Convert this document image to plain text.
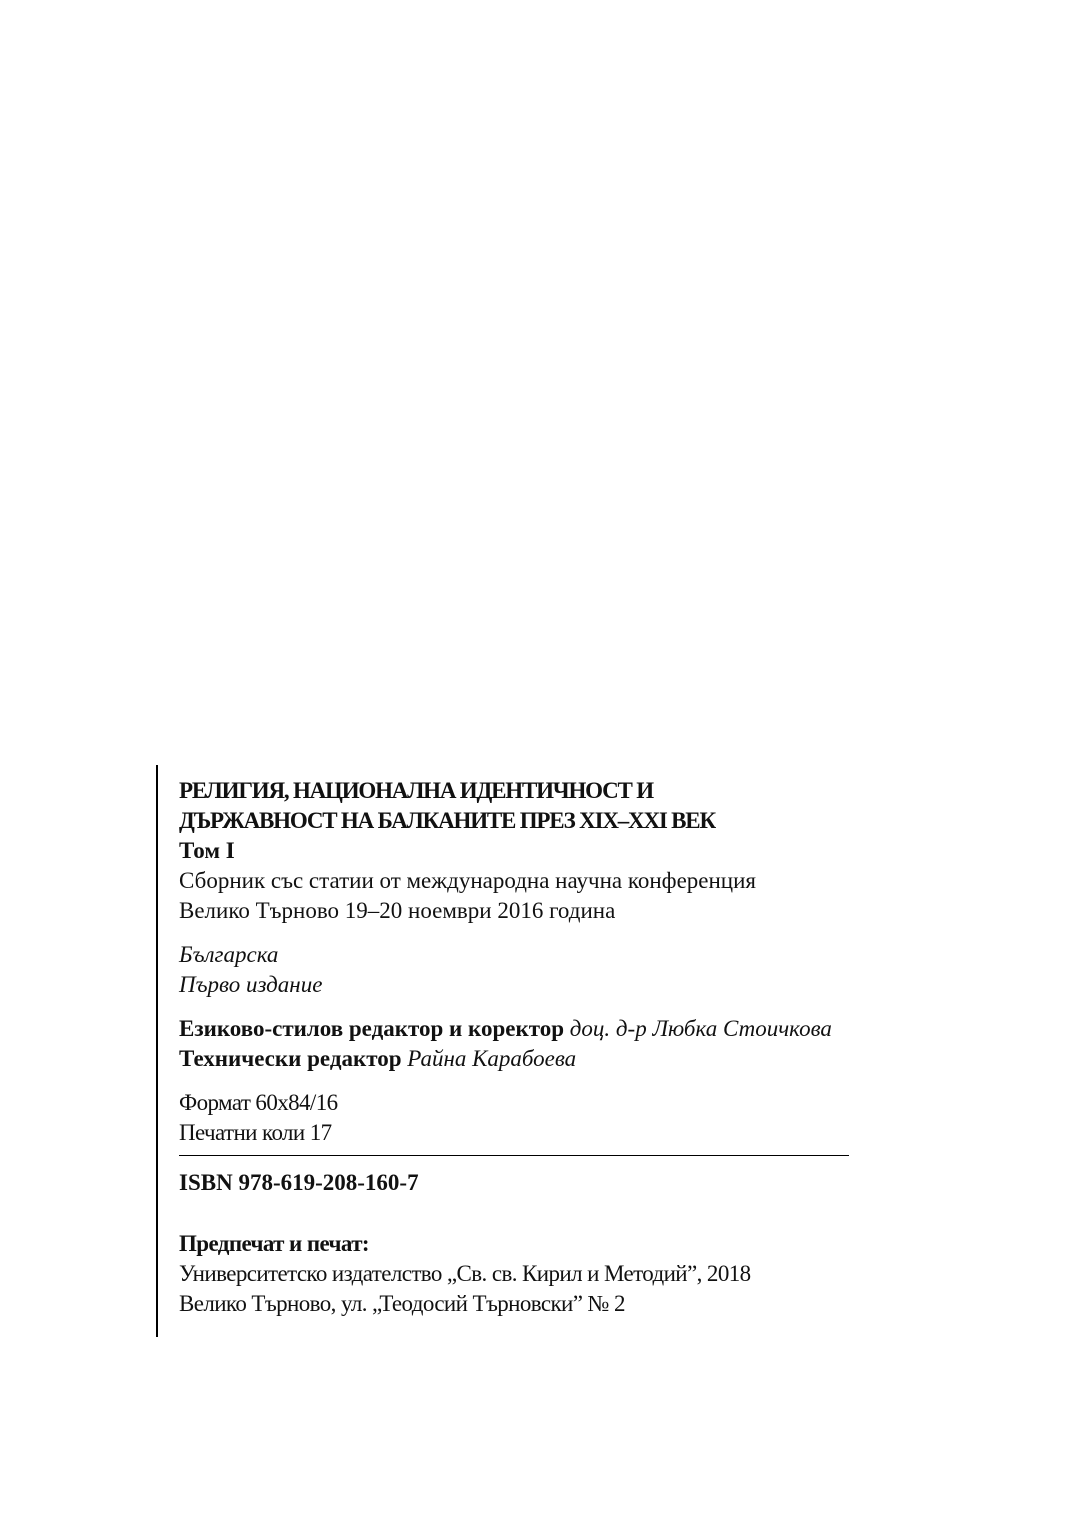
РЕЛИГИЯ, НАЦИОНАЛНА ИДЕНТИЧНОСТ И

ДЪРЖАВНОСТ НА БАЛКАНИТЕ ПРЕЗ XIX–XXI ВЕК

Том I

Сборник със статии от международна научна конференция

Велико Търново 19–20 ноември 2016 година

Българска

Първо издание

Езиково-стилов редактор и коректор доц. д-р Любка Стоичкова

Технически редактор Райна Карабоева

Формат 60x84/16

Печатни коли 17

ISBN 978-619-208-160-7

Предпечат и печат:

Университетско издателство „Св. св. Кирил и Методий”, 2018

Велико Търново, ул. „Теодосий Търновски” № 2
